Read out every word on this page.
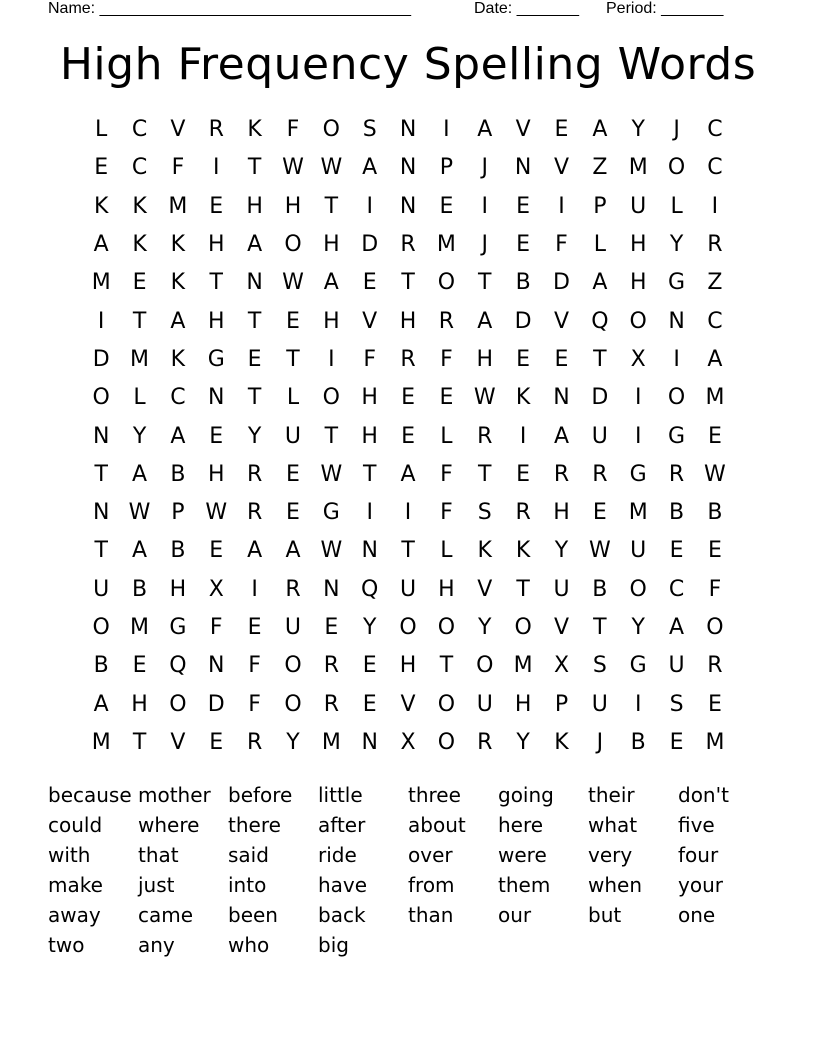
Name: ___________________________________	Date: _______ Period: _______
High Frequency Spelling Words
L	C	V	R	K	F	O	S	N	I	A	V	E	A	Y	J	C
E	C	F	I	T W W A	N	P	J	N	V	Z M O	C
K	K M E	H H	T	I	N	E	I	E	I	P	U	L	I
A	K	K	H	A	O H D	R M	J	E	F	L	H	Y	R
M E	K	T	N W A	E	T	O	T	B	D	A	H G	Z
I	T	A	H	T	E	H	V	H	R	A	D	V	Q O N	C
D M K	G	E	T	I	F	R	F	H	E	E	T	X	I	A
O	L	C	N	T	L	O H	E	E W K	N D	I	O M
N	Y	A	E	Y	U	T	H	E	L	R	I	A	U	I	G	E
T	A	B	H	R	E W T	A	F	T	E	R	R	G	R W
N W P W R	E	G	I	I	F	S	R	H	E M B	B
T	A	B	E	A	A W N	T	L	K	K	Y W U	E	E
U	B	H	X	I	R	N Q U	H	V	T	U	B	O	C	F
O M G	F	E	U	E	Y	O O	Y	O	V	T	Y	A	O
B	E	Q N	F	O	R	E	H	T	O M X	S	G U	R
A	H O D	F	O	R	E	V	O U	H	P	U	I	S	E
M	T	V	E	R	Y	M N	X	O	R	Y	K	J	B	E M
because mother before	little	three	going	their	don't
could	where	there	after	about	here	what	five
with	that	said	ride	over	were	very	four
make	just	into	have	from	them	when	your
away	came	been	back	than	our	but	one
two	any	who	big
